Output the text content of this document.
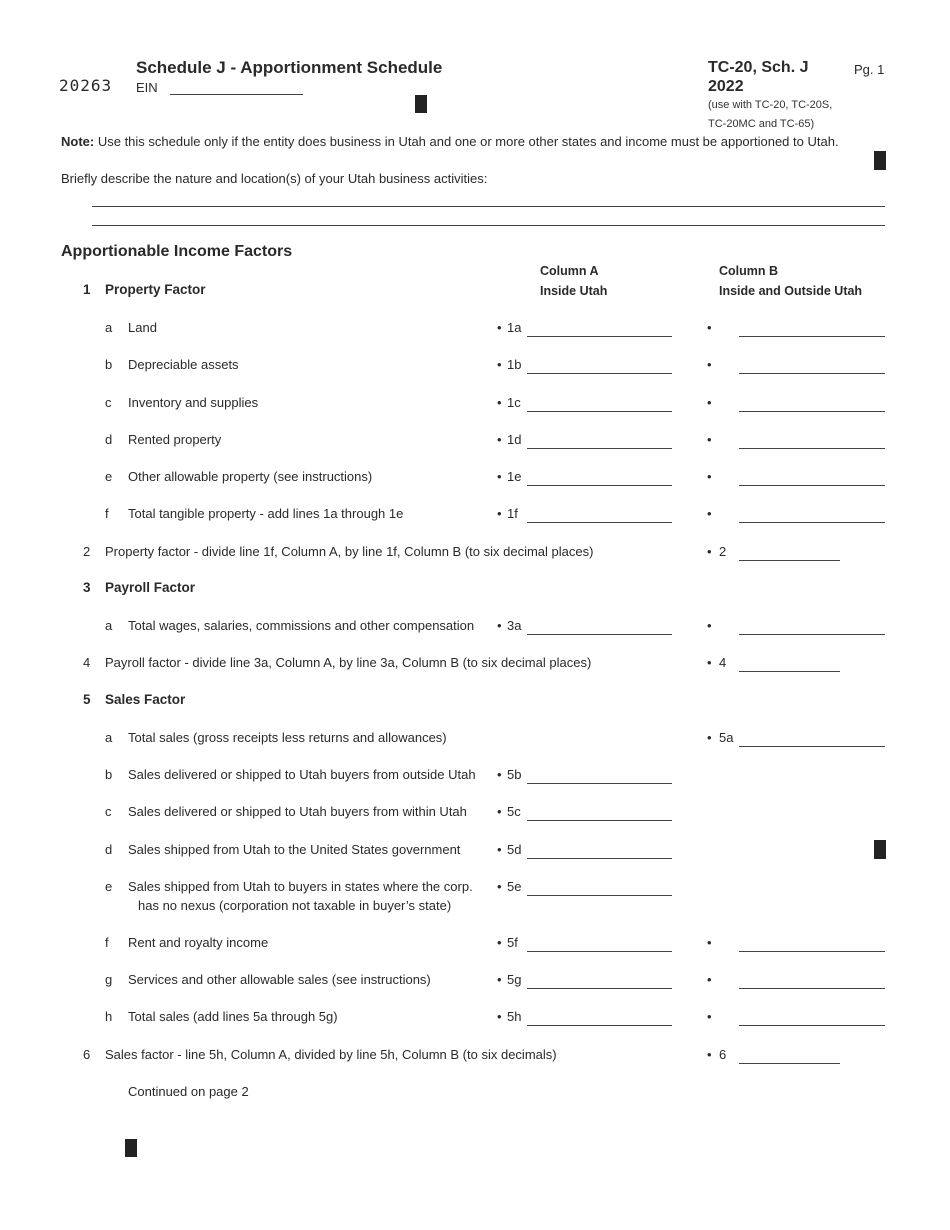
20263
Schedule J - Apportionment Schedule
EIN
TC-20, Sch. J
2022
(use with TC-20, TC-20S,
TC-20MC and TC-65)
Pg. 1
Note: Use this schedule only if the entity does business in Utah and one or more other states and income must be apportioned to Utah.
Briefly describe the nature and location(s) of your Utah business activities:
Apportionable Income Factors
Column A
Inside Utah
Column B
Inside and Outside Utah
1 Property Factor
a Land	• 1a	•
b Depreciable assets	• 1b	•
c Inventory and supplies	• 1c	•
d Rented property	• 1d	•
e Other allowable property (see instructions)	• 1e	•
f Total tangible property - add lines 1a through 1e	• 1f	•
2 Property factor - divide line 1f, Column A, by line 1f, Column B (to six decimal places)	• 2
3 Payroll Factor
a Total wages, salaries, commissions and other compensation • 3a	•
4 Payroll factor - divide line 3a, Column A, by line 3a, Column B (to six decimal places)	• 4
5 Sales Factor
a Total sales (gross receipts less returns and allowances)	• 5a
b Sales delivered or shipped to Utah buyers from outside Utah • 5b
c Sales delivered or shipped to Utah buyers from within Utah • 5c
d Sales shipped from Utah to the United States government	• 5d
e Sales shipped from Utah to buyers in states where the corp.
has no nexus (corporation not taxable in buyer’s state)
• 5e
f Rent and royalty income	• 5f	•
g Services and other allowable sales (see instructions)	• 5g	•
h Total sales (add lines 5a through 5g)	• 5h	•
6 Sales factor - line 5h, Column A, divided by line 5h, Column B (to six decimals)	• 6
Continued on page 2
